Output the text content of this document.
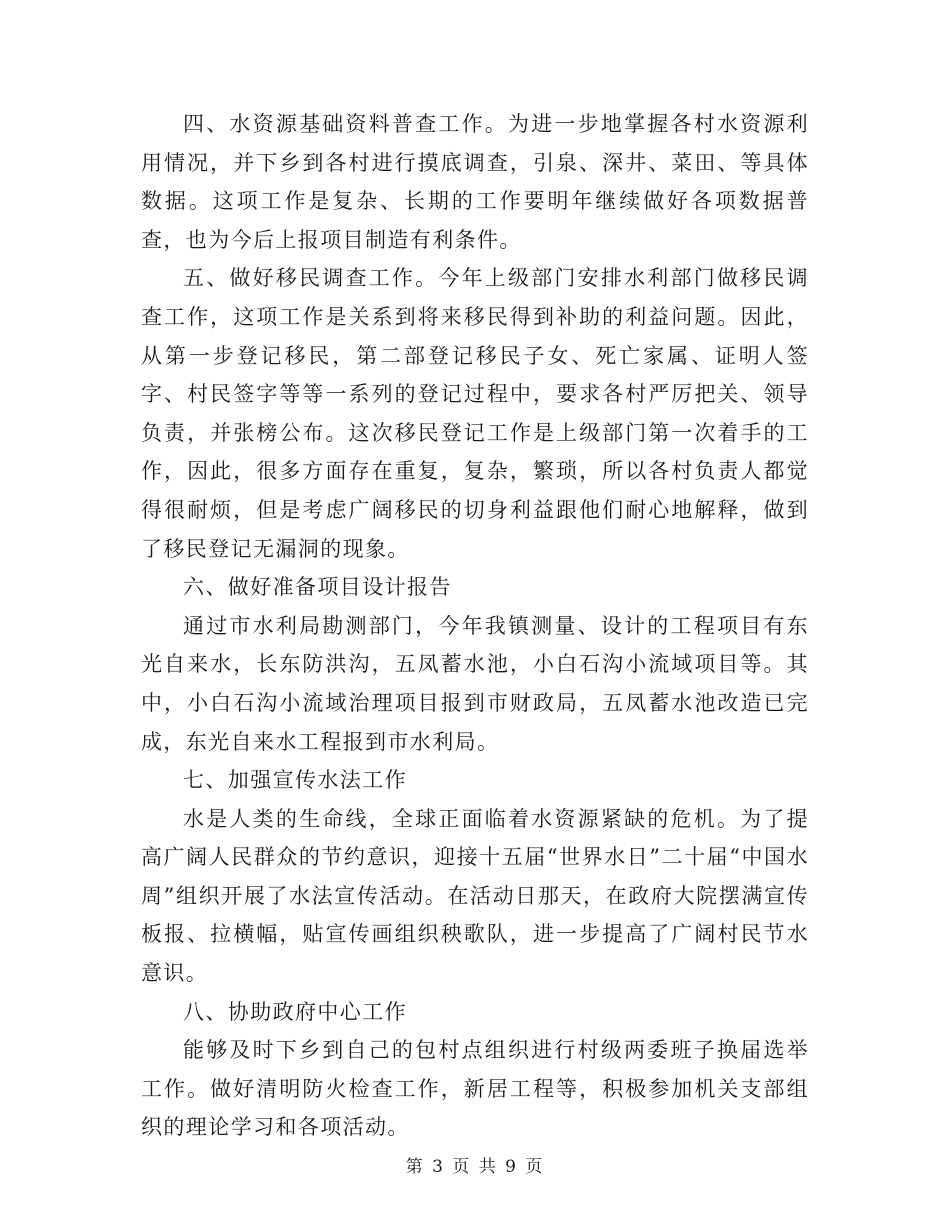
四、水资源基础资料普查工作。为进一步地掌握各村水资源利用情况，并下乡到各村进行摸底调查，引泉、深井、菜田、等具体数据。这项工作是复杂、长期的工作要明年继续做好各项数据普查，也为今后上报项目制造有利条件。

五、做好移民调查工作。今年上级部门安排水利部门做移民调查工作，这项工作是关系到将来移民得到补助的利益问题。因此，从第一步登记移民，第二部登记移民子女、死亡家属、证明人签字、村民签字等等一系列的登记过程中，要求各村严厉把关、领导负责，并张榜公布。这次移民登记工作是上级部门第一次着手的工作，因此，很多方面存在重复，复杂，繁琐，所以各村负责人都觉得很耐烦，但是考虑广阔移民的切身利益跟他们耐心地解释，做到了移民登记无漏洞的现象。

六、做好准备项目设计报告

通过市水利局勘测部门，今年我镇测量、设计的工程项目有东光自来水，长东防洪沟，五凤蓄水池，小白石沟小流域项目等。其中，小白石沟小流域治理项目报到市财政局，五凤蓄水池改造已完成，东光自来水工程报到市水利局。

七、加强宣传水法工作

水是人类的生命线，全球正面临着水资源紧缺的危机。为了提高广阔人民群众的节约意识，迎接十五届“世界水日”二十届“中国水周”组织开展了水法宣传活动。在活动日那天，在政府大院摆满宣传板报、拉横幅，贴宣传画组织秧歌队，进一步提高了广阔村民节水意识。

八、协助政府中心工作

能够及时下乡到自己的包村点组织进行村级两委班子换届选举工作。做好清明防火检查工作，新居工程等，积极参加机关支部组织的理论学习和各项活动。

第 3 页 共 9 页
